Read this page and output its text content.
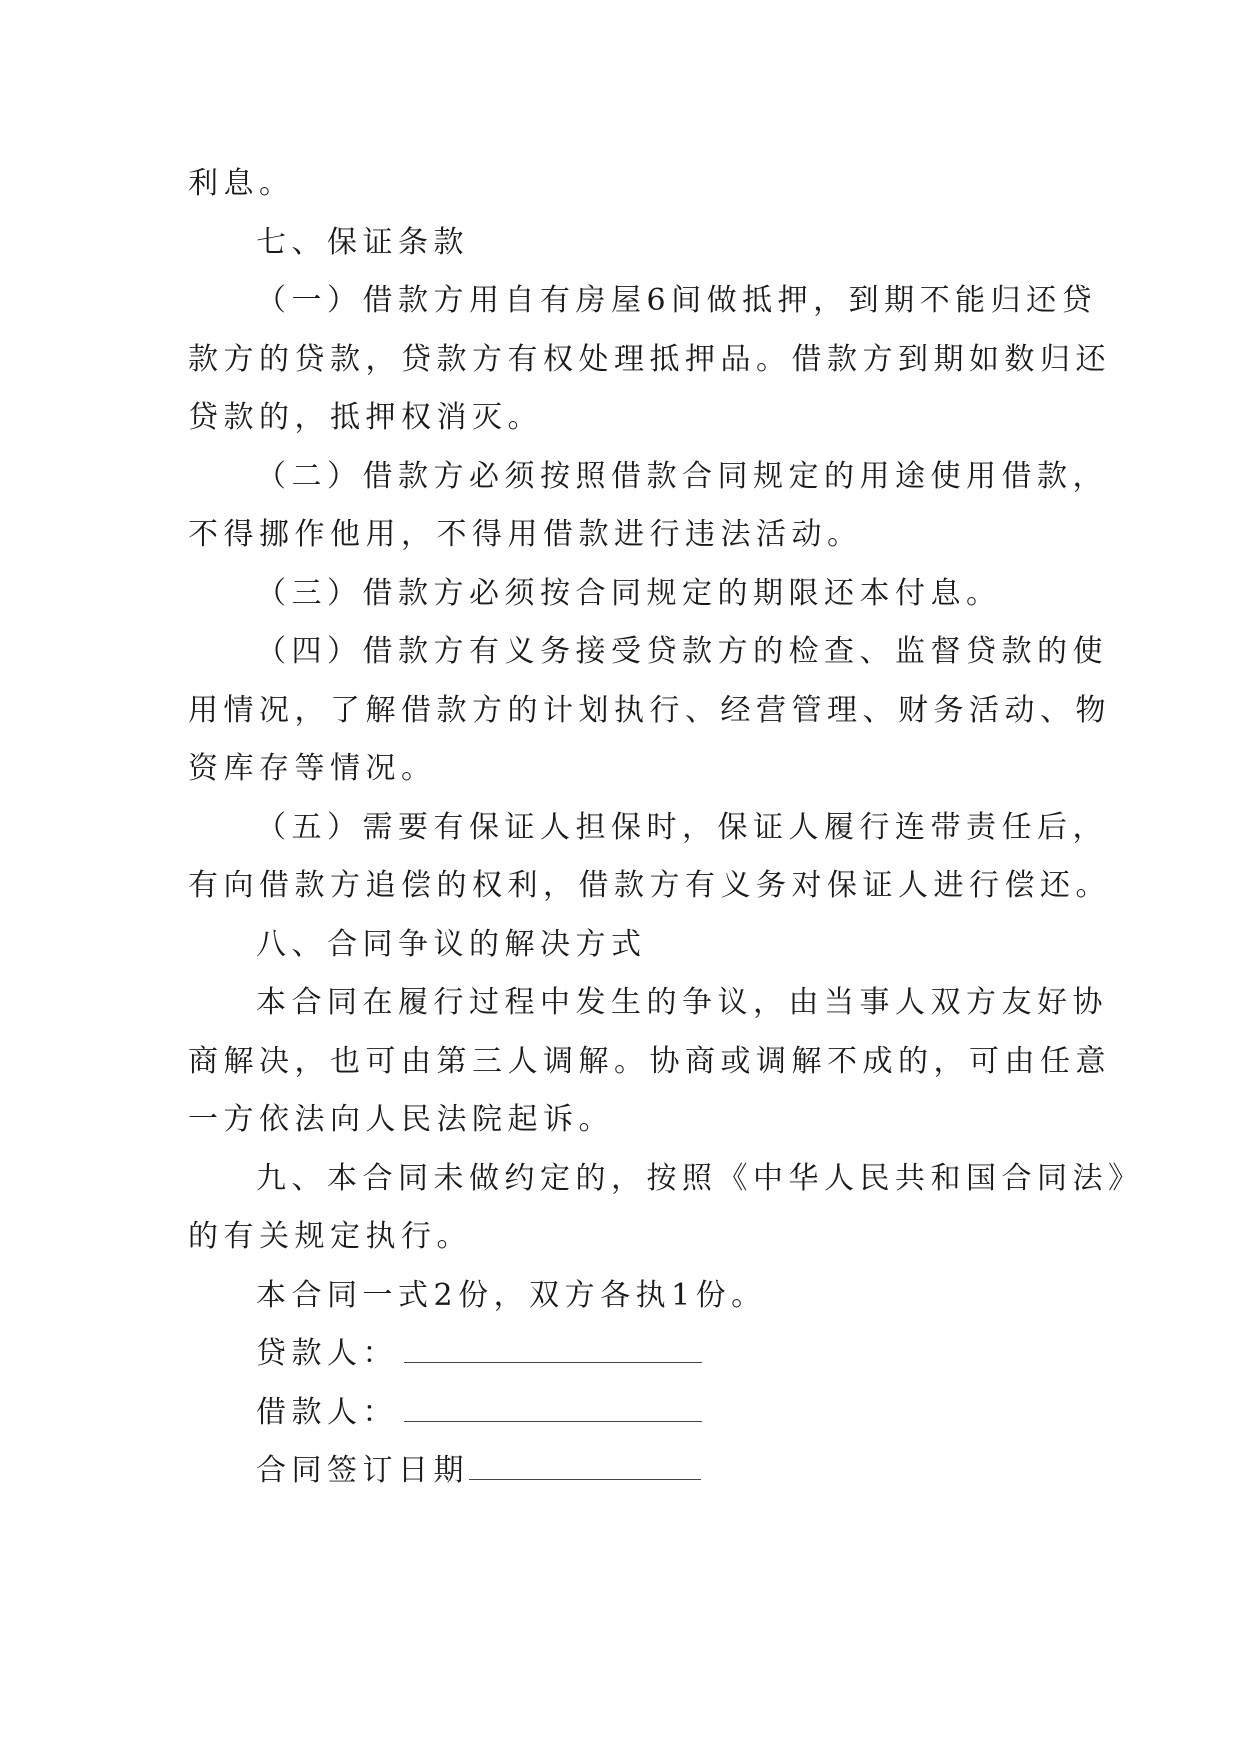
利息。
七、保证条款
（一）借款方用自有房屋6间做抵押，到期不能归还贷
款方的贷款，贷款方有权处理抵押品。借款方到期如数归还
贷款的，抵押权消灭。
（二）借款方必须按照借款合同规定的用途使用借款，
不得挪作他用，不得用借款进行违法活动。
（三）借款方必须按合同规定的期限还本付息。
（四）借款方有义务接受贷款方的检查、监督贷款的使
用情况，了解借款方的计划执行、经营管理、财务活动、物
资库存等情况。
（五）需要有保证人担保时，保证人履行连带责任后，
有向借款方追偿的权利，借款方有义务对保证人进行偿还。
八、合同争议的解决方式
本合同在履行过程中发生的争议，由当事人双方友好协
商解决，也可由第三人调解。协商或调解不成的，可由任意
一方依法向人民法院起诉。
九、本合同未做约定的，按照《中华人民共和国合同法》
的有关规定执行。
本合同一式2份，双方各执1份。
贷款人：
借款人：
合同签订日期
